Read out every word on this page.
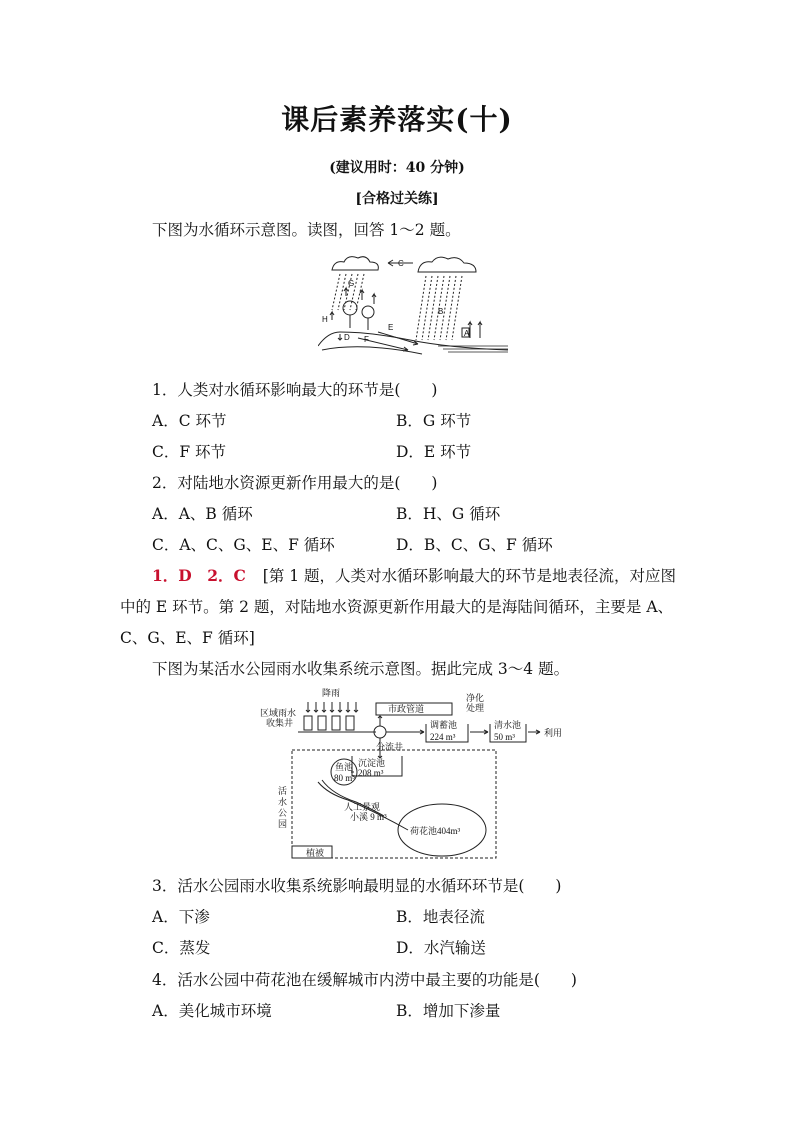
课后素养落实(十)
(建议用时：40 分钟)
[合格过关练]
下图为水循环示意图。读图，回答 1～2 题。
C
G
B
H
E
D F
A
1．人类对水循环影响最大的环节是(　　)
A．C 环节	B．G 环节
C．F 环节	D．E 环节
2．对陆地水资源更新作用最大的是(　　)
A．A、B 循环	B．H、G 循环
C．A、C、G、E、F 循环	D．B、C、G、F 循环
1．D　2．C [第 1 题，人类对水循环影响最大的环节是地表径流，对应图
中的 E 环节。第 2 题，对陆地水资源更新作用最大的是海陆间循环，主要是 A、
C、G、E、F 循环]
下图为某活水公园雨水收集系统示意图。据此完成 3～4 题。
降雨
区域雨水
收集井
市政管道
净化
处理
调蓄池
224 m³
清水池
50 m³	利用
分流井
鱼池
80 m³
沉淀池
208 m³
活
水
公
园
人工景观
小溪 9 m³
荷花池404m³
植被
3．活水公园雨水收集系统影响最明显的水循环环节是(　　)
A．下渗	B．地表径流
C．蒸发	D．水汽输送
4．活水公园中荷花池在缓解城市内涝中最主要的功能是(　　)
A．美化城市环境	B．增加下渗量
